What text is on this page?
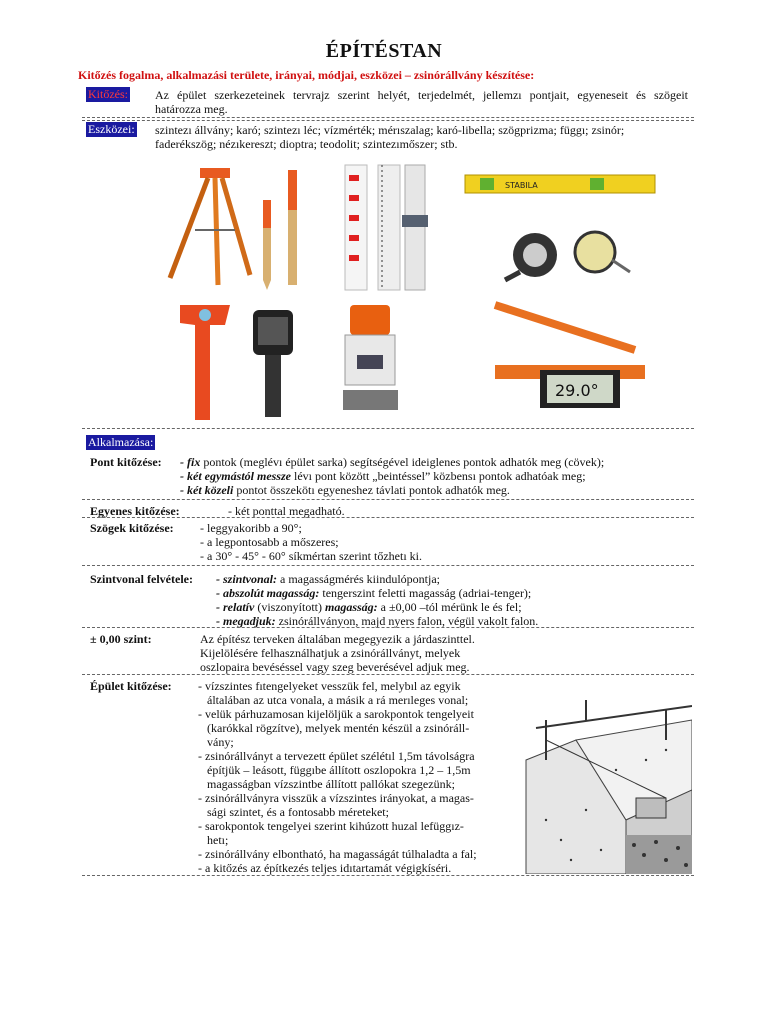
ÉPÍTÉSTAN
Kitőzés fogalma, alkalmazási területe, irányai, módjai, eszközei – zsinórállvány készítése:
Kitőzés: Az épület szerkezeteinek tervrajz szerint helyét, terjedelmét, jellemzı pontjait, egyeneseit és szögeit
határozza meg.
Eszközei: szintezı állvány; karó; szintezı léc; vízmérték; mérıszalag; karó-libella; szögprizma; függı; zsinór;
faderékszög; nézıkereszt; dioptra; teodolit; szintezımőszer; stb.
STABILA
29.0°
Alkalmazása:
Pont kitőzése: - fix pontok (meglévı épület sarka) segítségével ideiglenes pontok adhatók meg (cövek);
- két egymástól messze lévı pont között „beintéssel” közbensı pontok adhatóak meg;
- két közeli pontot összekötı egyeneshez távlati pontok adhatók meg.
Egyenes kitőzése:	- két ponttal megadható.
Szögek kitőzése: - leggyakoribb a 90°;
- a legpontosabb a mőszeres;
- a 30° - 45° - 60° síkmértan szerint tőzhetı ki.
Szintvonal felvétele: - szintvonal: a magasságmérés kiindulópontja;
- abszolút magasság: tengerszint feletti magasság (adriai-tenger);
- relatív (viszonyított) magasság: a ±0,00 –tól mérünk le és fel;
- megadjuk: zsinórállványon, majd nyers falon, végül vakolt falon.
± 0,00 szint:	Az építész terveken általában megegyezik a járdaszinttel.
Kijelölésére felhasználhatjuk a zsinórállványt, melyek
oszlopaira bevéséssel vagy szeg beverésével adjuk meg.
Épület kitőzése: - vízszintes fıtengelyeket vesszük fel, melybıl az egyik
általában az utca vonala, a másik a rá merıleges vonal;
- velük párhuzamosan kijelöljük a sarokpontok tengelyeit
(karókkal rögzítve), melyek mentén készül a zsinóráll-
vány;
- zsinórállványt a tervezett épület szélétıl 1,5m távolságra
építjük – leásott, függıbe állított oszlopokra 1,2 – 1,5m
magasságban vízszintbe állított pallókat szegezünk;
- zsinórállványra visszük a vízszintes irányokat, a magas-
sági szintet, és a fontosabb méreteket;
- sarokpontok tengelyei szerint kihúzott huzal lefüggız-
hetı;
- zsinórállvány elbontható, ha magasságát túlhaladta a fal;
- a kitőzés az építkezés teljes idıtartamát végigkíséri.
